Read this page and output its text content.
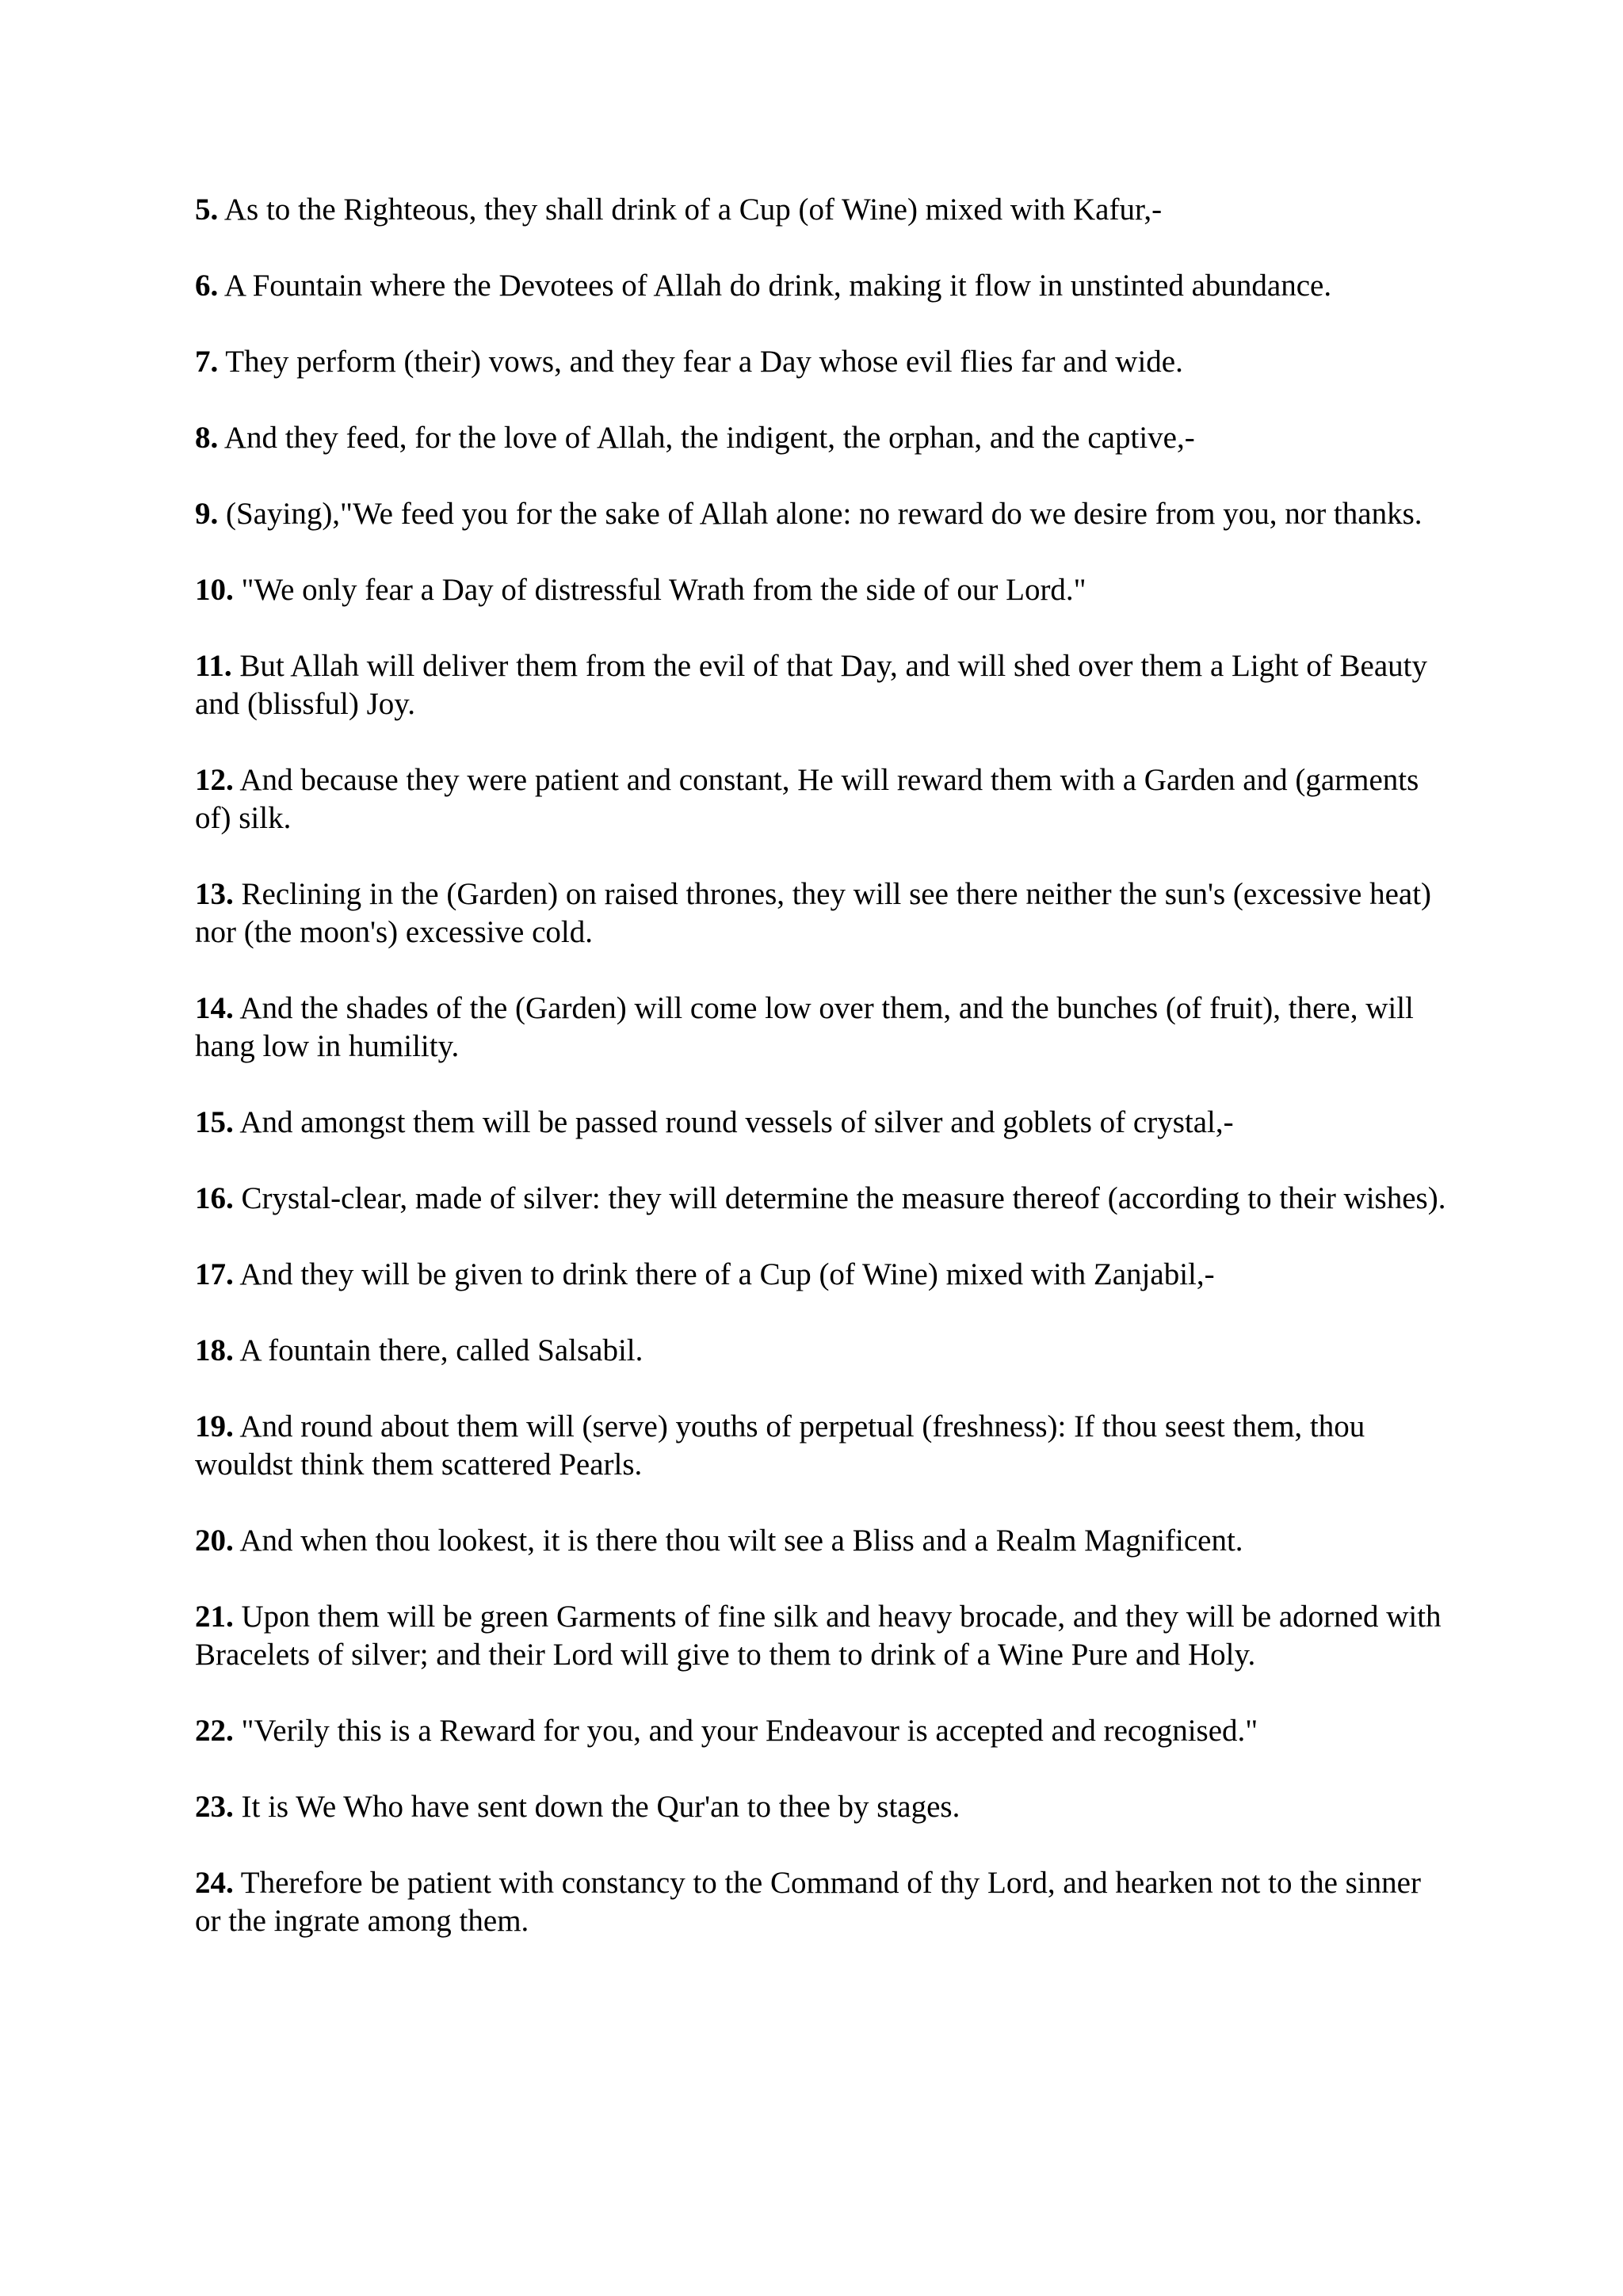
5. As to the Righteous, they shall drink of a Cup (of Wine) mixed with Kafur,-

6. A Fountain where the Devotees of Allah do drink, making it flow in unstinted abundance.

7. They perform (their) vows, and they fear a Day whose evil flies far and wide.

8. And they feed, for the love of Allah, the indigent, the orphan, and the captive,-

9. (Saying),"We feed you for the sake of Allah alone: no reward do we desire from you, nor thanks.

10. "We only fear a Day of distressful Wrath from the side of our Lord."

11. But Allah will deliver them from the evil of that Day, and will shed over them a Light of Beauty and (blissful) Joy.

12. And because they were patient and constant, He will reward them with a Garden and (garments of) silk.

13. Reclining in the (Garden) on raised thrones, they will see there neither the sun's (excessive heat) nor (the moon's) excessive cold.

14. And the shades of the (Garden) will come low over them, and the bunches (of fruit), there, will hang low in humility.

15. And amongst them will be passed round vessels of silver and goblets of crystal,-

16. Crystal-clear, made of silver: they will determine the measure thereof (according to their wishes).

17. And they will be given to drink there of a Cup (of Wine) mixed with Zanjabil,-

18. A fountain there, called Salsabil.

19. And round about them will (serve) youths of perpetual (freshness): If thou seest them, thou wouldst think them scattered Pearls.

20. And when thou lookest, it is there thou wilt see a Bliss and a Realm Magnificent.

21. Upon them will be green Garments of fine silk and heavy brocade, and they will be adorned with Bracelets of silver; and their Lord will give to them to drink of a Wine Pure and Holy.

22. "Verily this is a Reward for you, and your Endeavour is accepted and recognised."

23. It is We Who have sent down the Qur'an to thee by stages.

24. Therefore be patient with constancy to the Command of thy Lord, and hearken not to the sinner or the ingrate among them.
